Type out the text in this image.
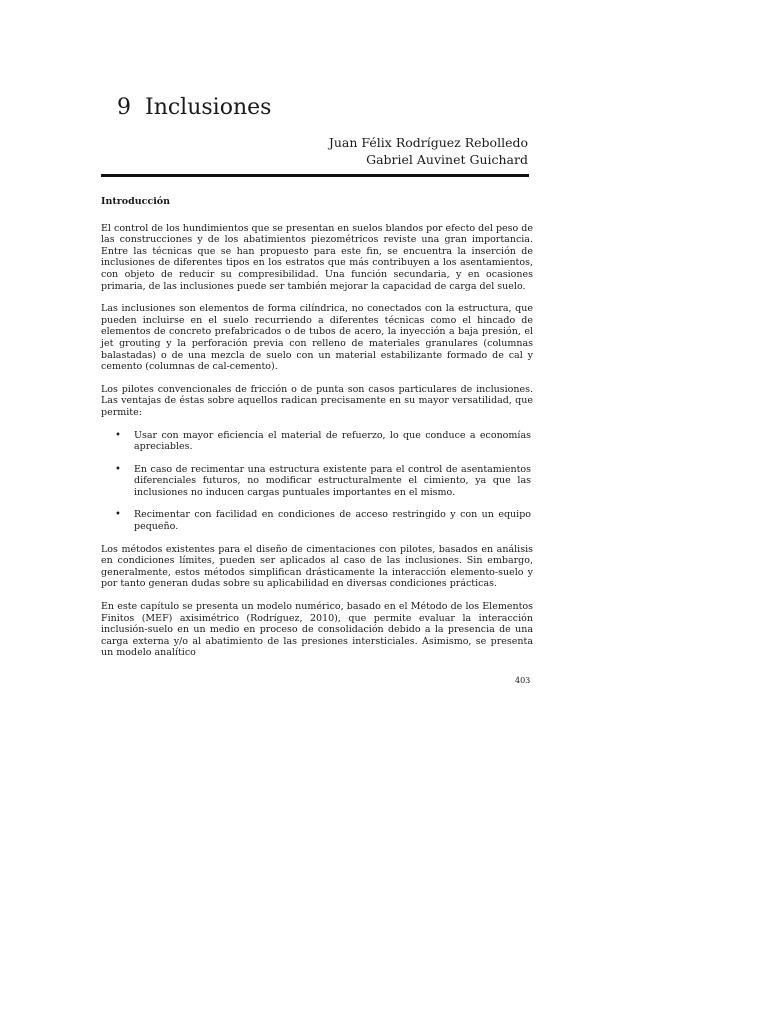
9 Inclusiones
Juan Félix Rodríguez Rebolledo
Gabriel Auvinet Guichard
Introducción

El control de los hundimientos que se presentan en suelos blandos por efecto del peso de las construcciones y de los abatimientos piezométricos reviste una gran importancia. Entre las técnicas que se han propuesto para este fin, se encuentra la inserción de inclusiones de diferentes tipos en los estratos que más contribuyen a los asentamientos, con objeto de reducir su compresibilidad. Una función secundaria, y en ocasiones primaria, de las inclusiones puede ser también mejorar la capacidad de carga del suelo.

Las inclusiones son elementos de forma cilíndrica, no conectados con la estructura, que pueden incluirse en el suelo recurriendo a diferentes técnicas como el hincado de elementos de concreto prefabricados o de tubos de acero, la inyección a baja presión, el jet grouting y la perforación previa con relleno de materiales granulares (columnas balastadas) o de una mezcla de suelo con un material estabilizante formado de cal y cemento (columnas de cal-cemento).

Los pilotes convencionales de fricción o de punta son casos particulares de inclusiones. Las ventajas de éstas sobre aquellos radican precisamente en su mayor versatilidad, que permite:

• Usar con mayor eficiencia el material de refuerzo, lo que conduce a economías apreciables.
• En caso de recimentar una estructura existente para el control de asentamientos diferenciales futuros, no modificar estructuralmente el cimiento, ya que las inclusiones no inducen cargas puntuales importantes en el mismo.
• Recimentar con facilidad en condiciones de acceso restringido y con un equipo pequeño.

Los métodos existentes para el diseño de cimentaciones con pilotes, basados en análisis en condiciones límites, pueden ser aplicados al caso de las inclusiones. Sin embargo, generalmente, estos métodos simplifican drásticamente la interacción elemento-suelo y por tanto generan dudas sobre su aplicabilidad en diversas condiciones prácticas.

En este capítulo se presenta un modelo numérico, basado en el Método de los Elementos Finitos (MEF) axisimétrico (Rodríguez, 2010), que permite evaluar la interacción inclusión-suelo en un medio en proceso de consolidación debido a la presencia de una carga externa y/o al abatimiento de las presiones intersticiales. Asimismo, se presenta un modelo analítico

403
